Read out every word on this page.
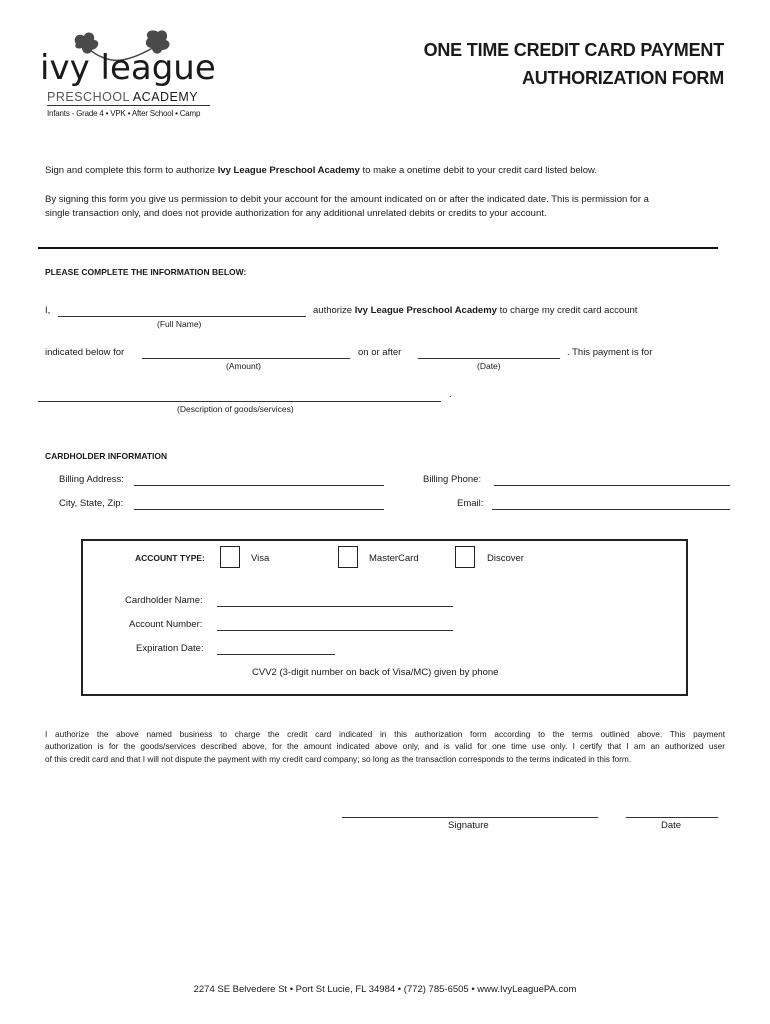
ivy league
PRESCHOOL ACADEMY
Infants - Grade 4 • VPK • After School • Camp
ONE TIME CREDIT CARD PAYMENT
AUTHORIZATION FORM
Sign and complete this form to authorize Ivy League Preschool Academy to make a onetime debit to your credit card listed below.
By signing this form you give us permission to debit your account for the amount indicated on or after the indicated date. This is permission for a
single transaction only, and does not provide authorization for any additional unrelated debits or credits to your account.
PLEASE COMPLETE THE INFORMATION BELOW:
I,	authorize Ivy League Preschool Academy to charge my credit card account
(Full Name)
indicated below for	on or after	. This payment is for
(Amount)	(Date)
.
(Description of goods/services)
CARDHOLDER INFORMATION
Billing Address:	Billing Phone:
City, State, Zip:	Email:
ACCOUNT TYPE:	Visa	MasterCard	Discover
Cardholder Name:
Account Number:
Expiration Date:
CVV2 (3-digit number on back of Visa/MC) given by phone
I authorize the above named business to charge the credit card indicated in this authorization form according to the terms outlined above. This payment
authorization is for the goods/services described above, for the amount indicated above only, and is valid for one time use only. I certify that I am an authorized user
of this credit card and that I will not dispute the payment with my credit card company; so long as the transaction corresponds to the terms indicated in this form.
Signature	Date
2274 SE Belvedere St • Port St Lucie, FL 34984 • (772) 785-6505 • www.IvyLeaguePA.com
